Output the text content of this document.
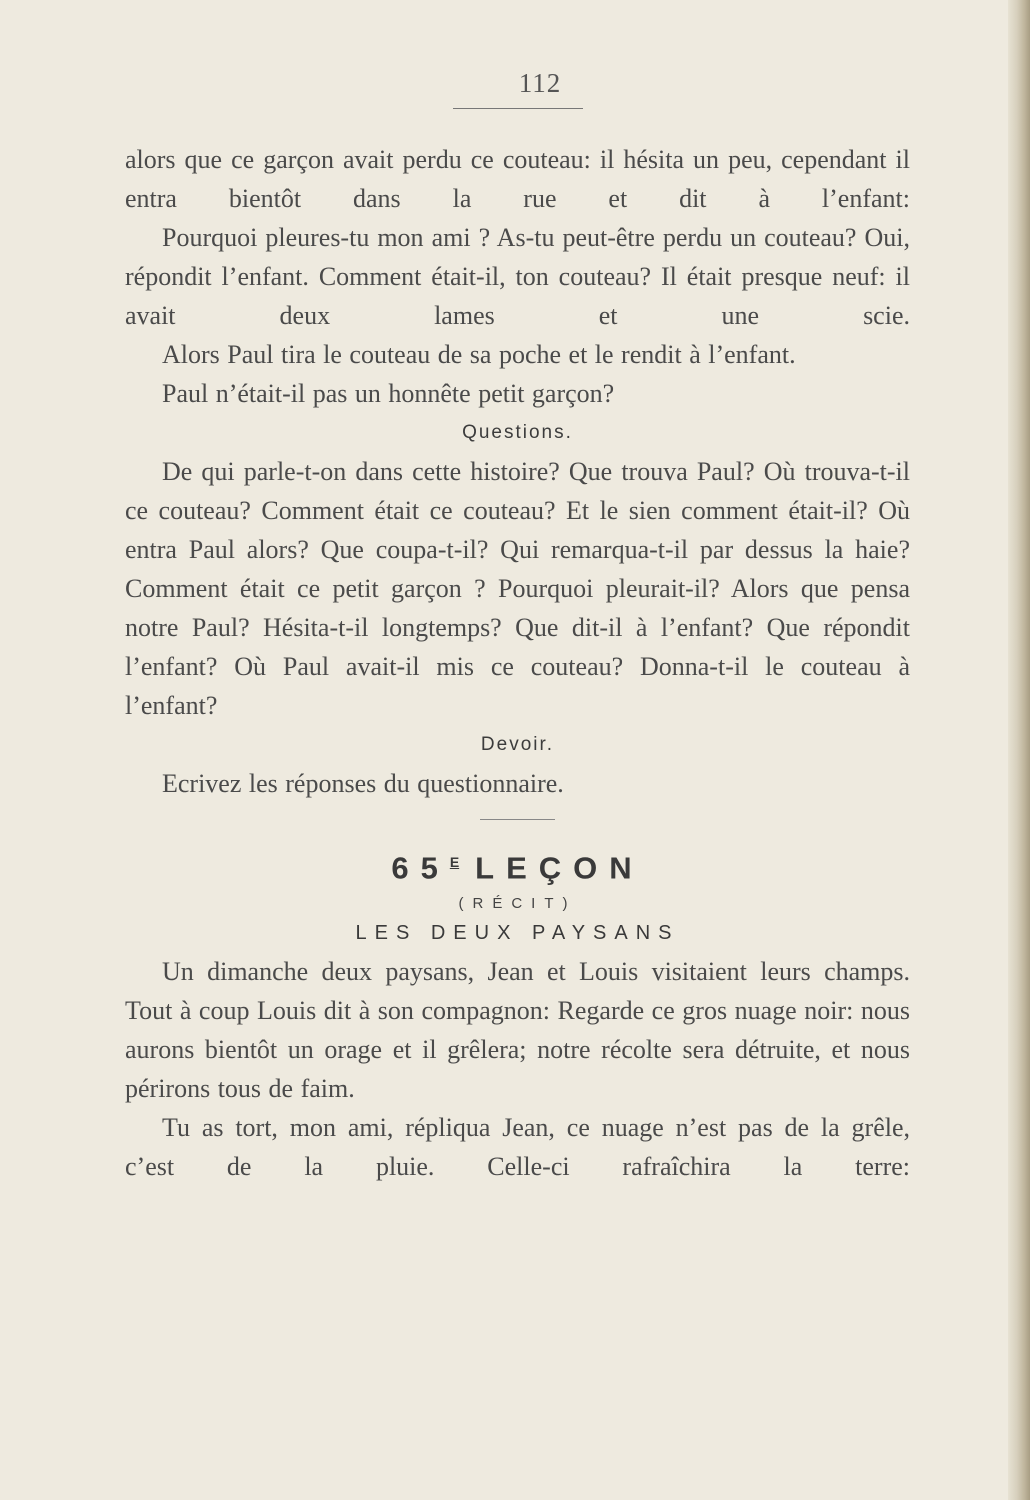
112

alors que ce garçon avait perdu ce couteau: il hésita un peu, cependant il entra bientôt dans la rue et dit à l’enfant:

Pourquoi pleures-tu mon ami ? As-tu peut-être perdu un couteau? Oui, répondit l’enfant. Comment était-il, ton couteau? Il était presque neuf: il avait deux lames et une scie.

Alors Paul tira le couteau de sa poche et le rendit à l’enfant.

Paul n’était-il pas un honnête petit garçon?

Questions.

De qui parle-t-on dans cette histoire? Que trouva Paul? Où trouva-t-il ce couteau? Comment était ce couteau? Et le sien comment était-il? Où entra Paul alors? Que coupa-t-il? Qui remarqua-t-il par dessus la haie? Comment était ce petit garçon ? Pourquoi pleurait-il? Alors que pensa notre Paul? Hésita-t-il longtemps? Que dit-il à l’enfant? Que répondit l’enfant? Où Paul avait-il mis ce couteau? Donna-t-il le couteau à l’enfant?

Devoir.

Ecrivez les réponses du questionnaire.

$65^E$ LEÇON
(RÉCIT)
LES DEUX PAYSANS

Un dimanche deux paysans, Jean et Louis visitaient leurs champs. Tout à coup Louis dit à son compagnon: Regarde ce gros nuage noir: nous aurons bientôt un orage et il grêlera; notre récolte sera détruite, et nous périrons tous de faim.

Tu as tort, mon ami, répliqua Jean, ce nuage n’est pas de la grêle, c’est de la pluie. Celle-ci rafraîchira la terre:
